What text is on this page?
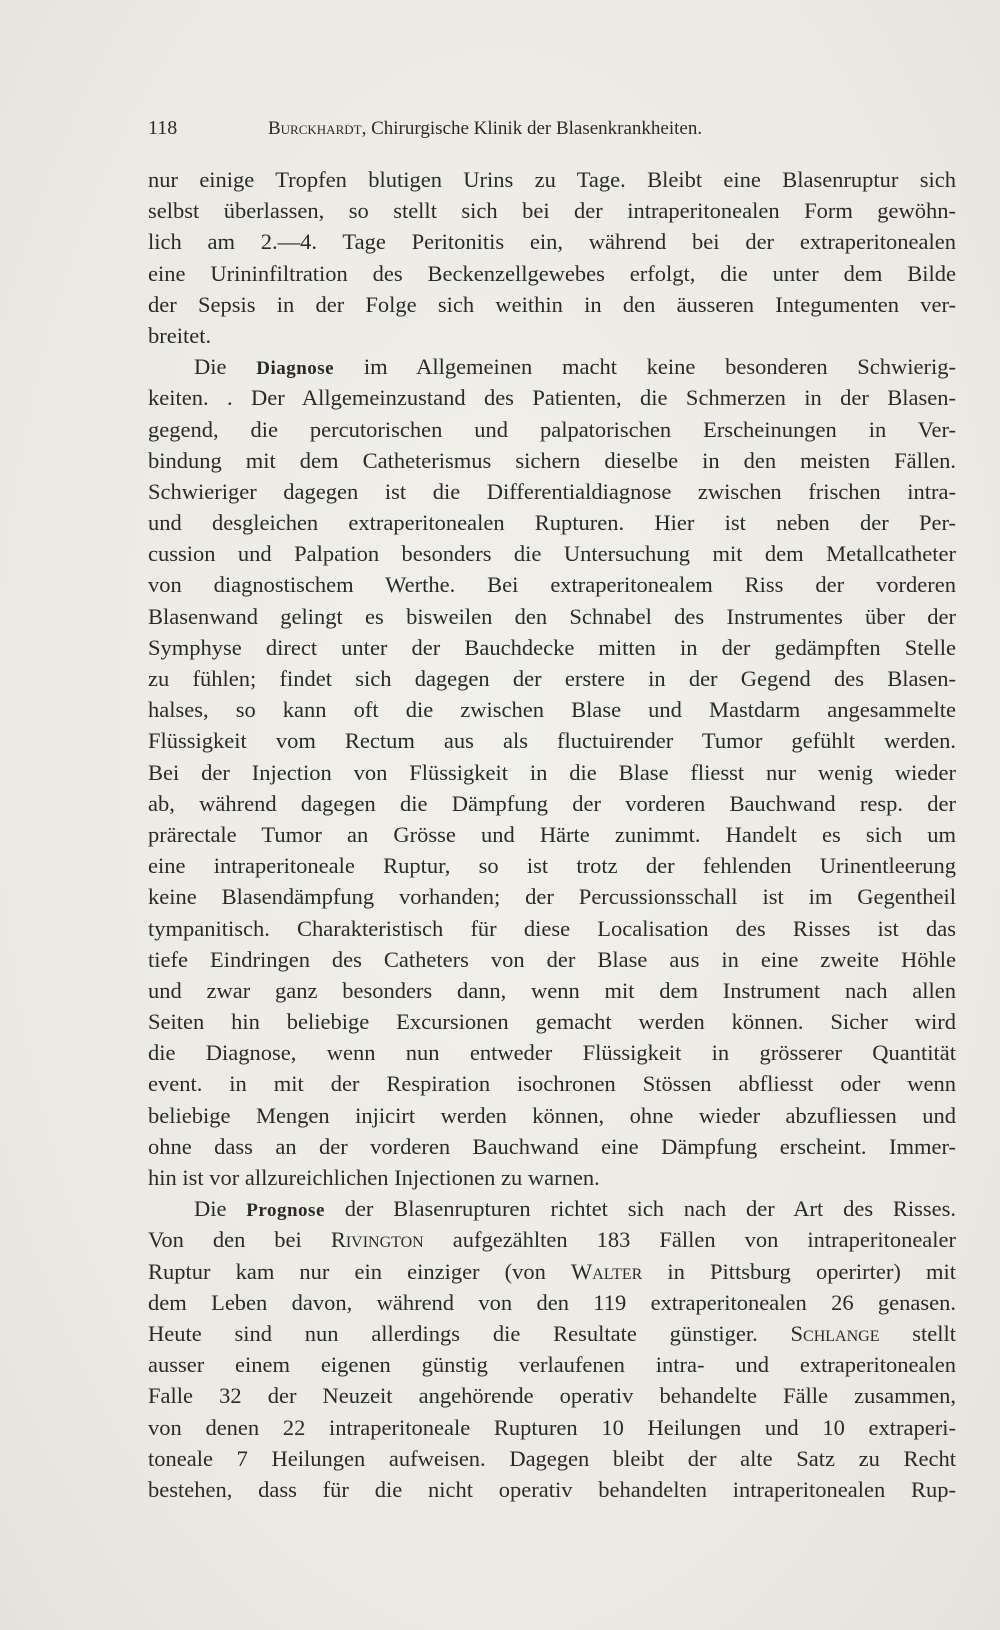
118	Burckhardt, Chirurgische Klinik der Blasenkrankheiten.
nur einige Tropfen blutigen Urins zu Tage. Bleibt eine Blasenruptur sich
selbst überlassen, so stellt sich bei der intraperitonealen Form gewöhn-
lich am 2.—4. Tage Peritonitis ein, während bei der extraperitonealen
eine Urininfiltration des Beckenzellgewebes erfolgt, die unter dem Bilde
der Sepsis in der Folge sich weithin in den äusseren Integumenten ver-
breitet.
Die Diagnose im Allgemeinen macht keine besonderen Schwierig-
keiten. . Der Allgemeinzustand des Patienten, die Schmerzen in der Blasen-
gegend, die percutorischen und palpatorischen Erscheinungen in Ver-
bindung mit dem Catheterismus sichern dieselbe in den meisten Fällen.
Schwieriger dagegen ist die Differentialdiagnose zwischen frischen intra-
und desgleichen extraperitonealen Rupturen. Hier ist neben der Per-
cussion und Palpation besonders die Untersuchung mit dem Metallcatheter
von diagnostischem Werthe. Bei extraperitonealem Riss der vorderen
Blasenwand gelingt es bisweilen den Schnabel des Instrumentes über der
Symphyse direct unter der Bauchdecke mitten in der gedämpften Stelle
zu fühlen; findet sich dagegen der erstere in der Gegend des Blasen-
halses, so kann oft die zwischen Blase und Mastdarm angesammelte
Flüssigkeit vom Rectum aus als fluctuirender Tumor gefühlt werden.
Bei der Injection von Flüssigkeit in die Blase fliesst nur wenig wieder
ab, während dagegen die Dämpfung der vorderen Bauchwand resp. der
prärectale Tumor an Grösse und Härte zunimmt. Handelt es sich um
eine intraperitoneale Ruptur, so ist trotz der fehlenden Urinentleerung
keine Blasendämpfung vorhanden; der Percussionsschall ist im Gegentheil
tympanitisch. Charakteristisch für diese Localisation des Risses ist das
tiefe Eindringen des Catheters von der Blase aus in eine zweite Höhle
und zwar ganz besonders dann, wenn mit dem Instrument nach allen
Seiten hin beliebige Excursionen gemacht werden können. Sicher wird
die Diagnose, wenn nun entweder Flüssigkeit in grösserer Quantität
event. in mit der Respiration isochronen Stössen abfliesst oder wenn
beliebige Mengen injicirt werden können, ohne wieder abzufliessen und
ohne dass an der vorderen Bauchwand eine Dämpfung erscheint. Immer-
hin ist vor allzureichlichen Injectionen zu warnen.
Die Prognose der Blasenrupturen richtet sich nach der Art des Risses.
Von den bei Rivington aufgezählten 183 Fällen von intraperitonealer
Ruptur kam nur ein einziger (von Walter in Pittsburg operirter) mit
dem Leben davon, während von den 119 extraperitonealen 26 genasen.
Heute sind nun allerdings die Resultate günstiger. Schlange stellt
ausser einem eigenen günstig verlaufenen intra- und extraperitonealen
Falle 32 der Neuzeit angehörende operativ behandelte Fälle zusammen,
von denen 22 intraperitoneale Rupturen 10 Heilungen und 10 extraperi-
toneale 7 Heilungen aufweisen. Dagegen bleibt der alte Satz zu Recht
bestehen, dass für die nicht operativ behandelten intraperitonealen Rup-
